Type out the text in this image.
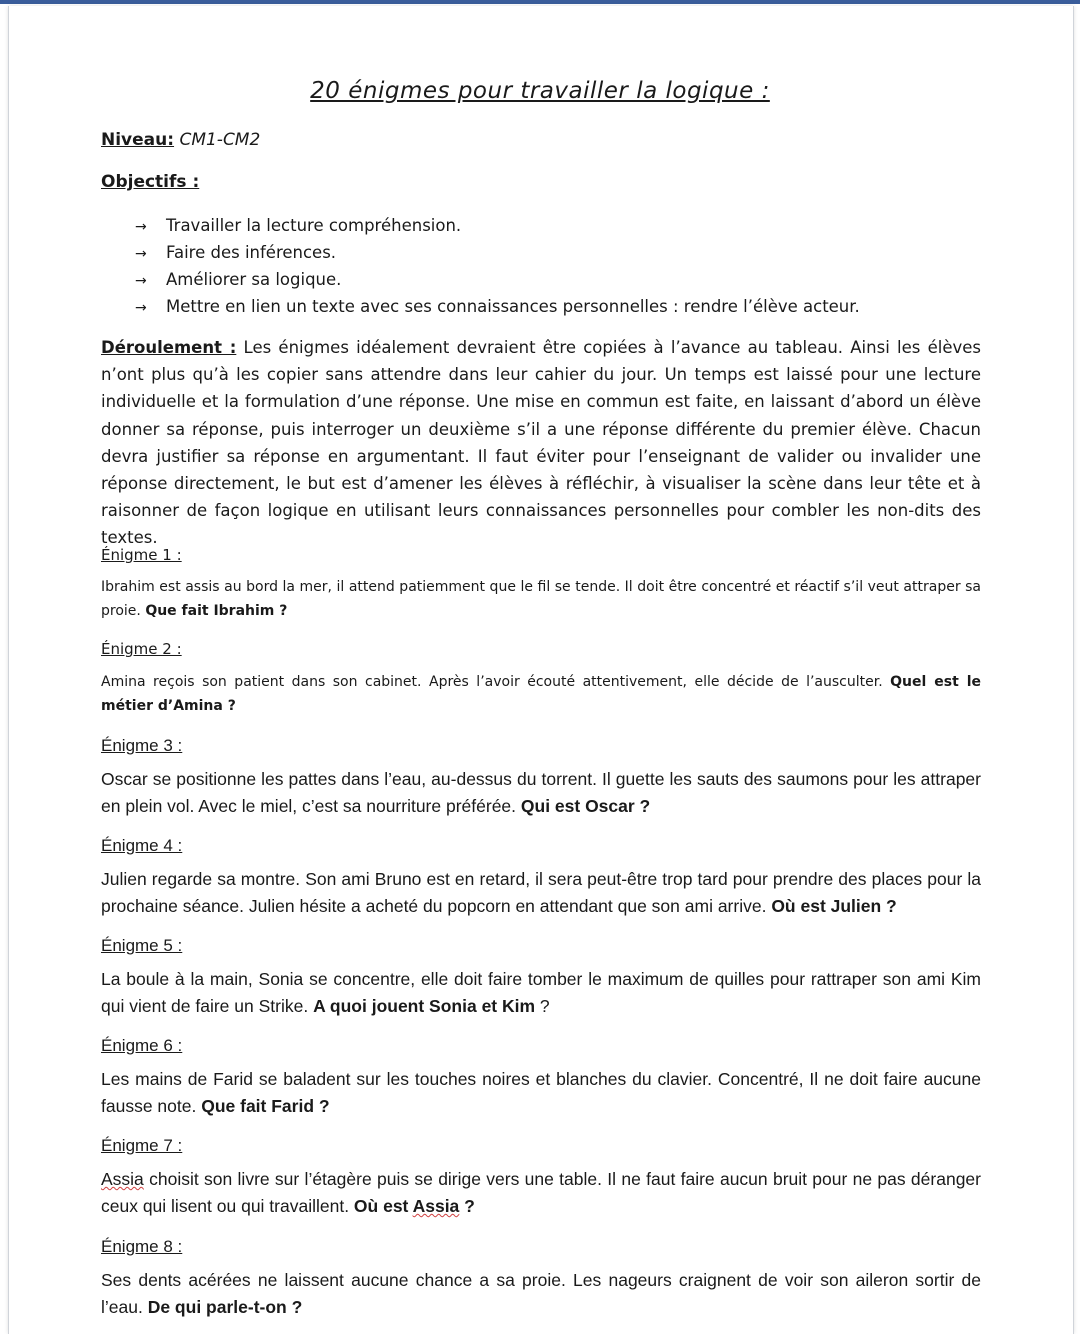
20 énigmes pour travailler la logique :
Niveau: CM1-CM2
Objectifs :
→ Travailler la lecture compréhension.
→ Faire des inférences.
→ Améliorer sa logique.
→ Mettre en lien un texte avec ses connaissances personnelles : rendre l’élève acteur.

Déroulement : Les énigmes idéalement devraient être copiées à l’avance au tableau. Ainsi les élèves n’ont plus qu’à les copier sans attendre dans leur cahier du jour. Un temps est laissé pour une lecture individuelle et la formulation d’une réponse. Une mise en commun est faite, en laissant d’abord un élève donner sa réponse, puis interroger un deuxième s’il a une réponse différente du premier élève. Chacun devra justifier sa réponse en argumentant. Il faut éviter pour l’enseignant de valider ou invalider une réponse directement, le but est d’amener les élèves à réfléchir, à visualiser la scène dans leur tête et à raisonner de façon logique en utilisant leurs connaissances personnelles pour combler les non-dits des textes.

Énigme 1 :

Ibrahim est assis au bord la mer, il attend patiemment que le fil se tende. Il doit être concentré et réactif s’il veut attraper sa proie. Que fait Ibrahim ?

Énigme 2 :

Amina reçois son patient dans son cabinet. Après l’avoir écouté attentivement, elle décide de l’ausculter. Quel est le métier d’Amina ?

Énigme 3 :

Oscar se positionne les pattes dans l’eau, au-dessus du torrent. Il guette les sauts des saumons pour les attraper en plein vol. Avec le miel, c’est sa nourriture préférée. Qui est Oscar ?

Énigme 4 :

Julien regarde sa montre. Son ami Bruno est en retard, il sera peut-être trop tard pour prendre des places pour la prochaine séance. Julien hésite a acheté du popcorn en attendant que son ami arrive. Où est Julien ?

Énigme 5 :

La boule à la main, Sonia se concentre, elle doit faire tomber le maximum de quilles pour rattraper son ami Kim qui vient de faire un Strike. A quoi jouent Sonia et Kim ?

Énigme 6 :

Les mains de Farid se baladent sur les touches noires et blanches du clavier. Concentré, Il ne doit faire aucune fausse note. Que fait Farid ?

Énigme 7 :

Assia choisit son livre sur l’étagère puis se dirige vers une table. Il ne faut faire aucun bruit pour ne pas déranger ceux qui lisent ou qui travaillent. Où est Assia ?

Énigme 8 :

Ses dents acérées ne laissent aucune chance a sa proie. Les nageurs craignent de voir son aileron sortir de l’eau. De qui parle-t-on ?
